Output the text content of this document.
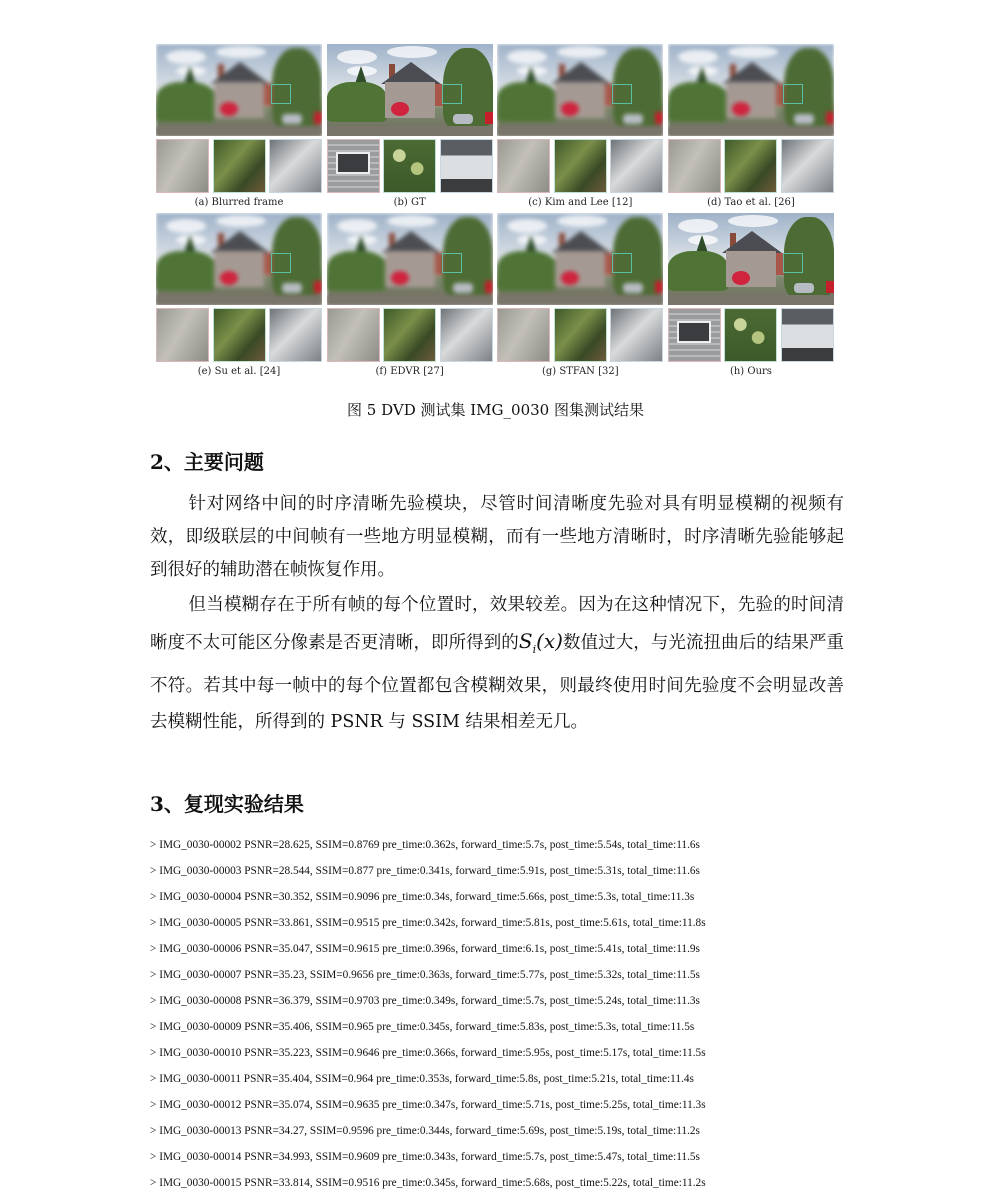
(a) Blurred frame	(b) GT	(c) Kim and Lee [12]	(d) Tao et al. [26]
(e) Su et al. [24]	(f) EDVR [27]	(g) STFAN [32]	(h) Ours
图 5 DVD 测试集 IMG_0030 图集测试结果
2、主要问题
针对网络中间的时序清晰先验模块，尽管时间清晰度先验对具有明显模糊的视频有效，即级联层的中间帧有一些地方明显模糊，而有一些地方清晰时，时序清晰先验能够起到很好的辅助潜在帧恢复作用。
但当模糊存在于所有帧的每个位置时，效果较差。因为在这种情况下，先验的时间清晰度不太可能区分像素是否更清晰，即所得到的$S_i(x)$数值过大，与光流扭曲后的结果严重不符。若其中每一帧中的每个位置都包含模糊效果，则最终使用时间先验度不会明显改善去模糊性能，所得到的 PSNR 与 SSIM 结果相差无几。
3、复现实验结果
> IMG_0030-00002 PSNR=28.625, SSIM=0.8769 pre_time:0.362s, forward_time:5.7s, post_time:5.54s, total_time:11.6s
> IMG_0030-00003 PSNR=28.544, SSIM=0.877 pre_time:0.341s, forward_time:5.91s, post_time:5.31s, total_time:11.6s
> IMG_0030-00004 PSNR=30.352, SSIM=0.9096 pre_time:0.34s, forward_time:5.66s, post_time:5.3s, total_time:11.3s
> IMG_0030-00005 PSNR=33.861, SSIM=0.9515 pre_time:0.342s, forward_time:5.81s, post_time:5.61s, total_time:11.8s
> IMG_0030-00006 PSNR=35.047, SSIM=0.9615 pre_time:0.396s, forward_time:6.1s, post_time:5.41s, total_time:11.9s
> IMG_0030-00007 PSNR=35.23, SSIM=0.9656 pre_time:0.363s, forward_time:5.77s, post_time:5.32s, total_time:11.5s
> IMG_0030-00008 PSNR=36.379, SSIM=0.9703 pre_time:0.349s, forward_time:5.7s, post_time:5.24s, total_time:11.3s
> IMG_0030-00009 PSNR=35.406, SSIM=0.965 pre_time:0.345s, forward_time:5.83s, post_time:5.3s, total_time:11.5s
> IMG_0030-00010 PSNR=35.223, SSIM=0.9646 pre_time:0.366s, forward_time:5.95s, post_time:5.17s, total_time:11.5s
> IMG_0030-00011 PSNR=35.404, SSIM=0.964 pre_time:0.353s, forward_time:5.8s, post_time:5.21s, total_time:11.4s
> IMG_0030-00012 PSNR=35.074, SSIM=0.9635 pre_time:0.347s, forward_time:5.71s, post_time:5.25s, total_time:11.3s
> IMG_0030-00013 PSNR=34.27, SSIM=0.9596 pre_time:0.344s, forward_time:5.69s, post_time:5.19s, total_time:11.2s
> IMG_0030-00014 PSNR=34.993, SSIM=0.9609 pre_time:0.343s, forward_time:5.7s, post_time:5.47s, total_time:11.5s
> IMG_0030-00015 PSNR=33.814, SSIM=0.9516 pre_time:0.345s, forward_time:5.68s, post_time:5.22s, total_time:11.2s
